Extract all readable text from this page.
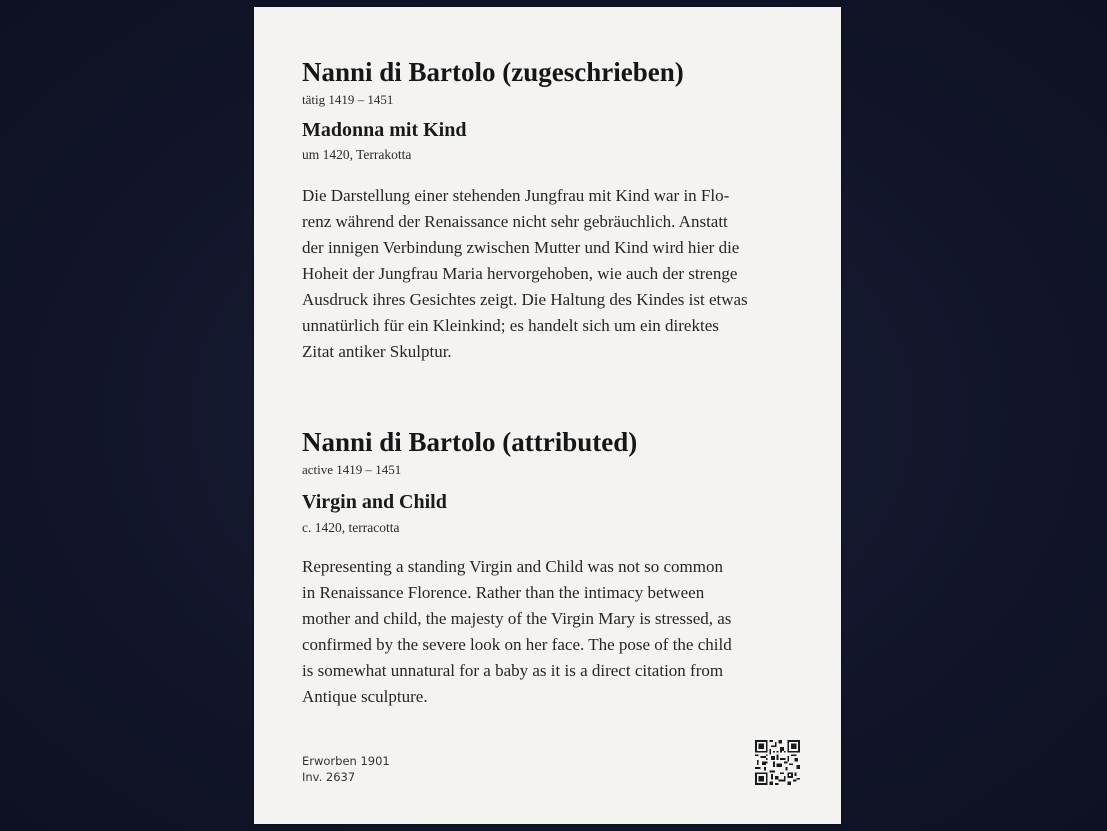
Nanni di Bartolo (zugeschrieben)
tätig 1419 – 1451
Madonna mit Kind
um 1420, Terrakotta
Die Darstellung einer stehenden Jungfrau mit Kind war in Flo-
renz während der Renaissance nicht sehr gebräuchlich. Anstatt
der innigen Verbindung zwischen Mutter und Kind wird hier die
Hoheit der Jungfrau Maria hervorgehoben, wie auch der strenge
Ausdruck ihres Gesichtes zeigt. Die Haltung des Kindes ist etwas
unnatürlich für ein Kleinkind; es handelt sich um ein direktes
Zitat antiker Skulptur.
Nanni di Bartolo (attributed)
active 1419 – 1451
Virgin and Child
c. 1420, terracotta
Representing a standing Virgin and Child was not so common
in Renaissance Florence. Rather than the intimacy between
mother and child, the majesty of the Virgin Mary is stressed, as
confirmed by the severe look on her face. The pose of the child
is somewhat unnatural for a baby as it is a direct citation from
Antique sculpture.
Erworben 1901
Inv. 2637
